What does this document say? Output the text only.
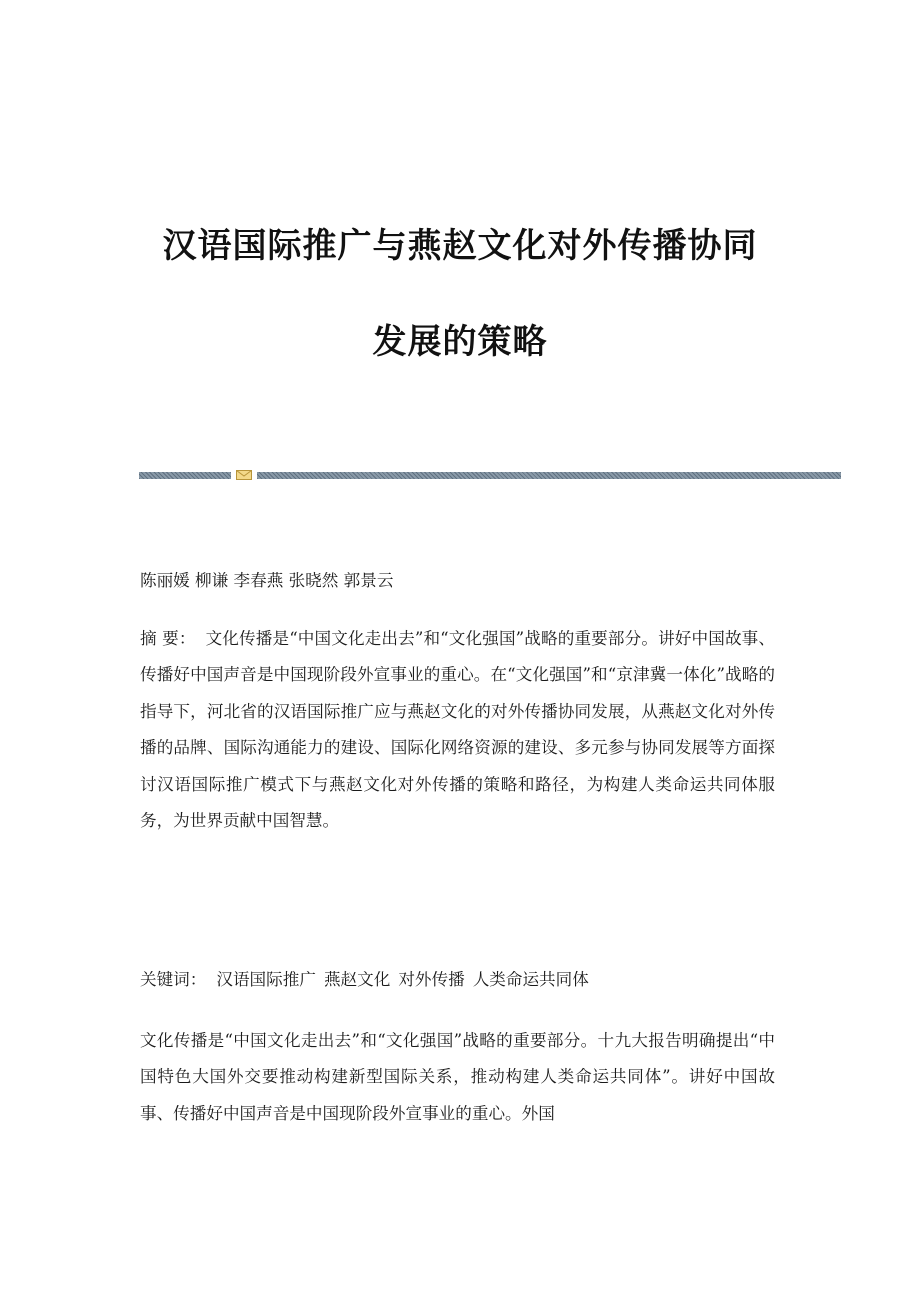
汉语国际推广与燕赵文化对外传播协同
发展的策略

陈丽媛 柳谦 李春燕 张晓然 郭景云

摘 要： 文化传播是“中国文化走出去”和“文化强国”战略的重要部分。讲好中国故事、传播好中国声音是中国现阶段外宣事业的重心。在“文化强国”和“京津冀一体化”战略的指导下，河北省的汉语国际推广应与燕赵文化的对外传播协同发展，从燕赵文化对外传播的品牌、国际沟通能力的建设、国际化网络资源的建设、多元参与协同发展等方面探讨汉语国际推广模式下与燕赵文化对外传播的策略和路径，为构建人类命运共同体服务，为世界贡献中国智慧。

关键词： 汉语国际推广 燕赵文化 对外传播 人类命运共同体

文化传播是“中国文化走出去”和“文化强国”战略的重要部分。十九大报告明确提出“中国特色大国外交要推动构建新型国际关系，推动构建人类命运共同体”。讲好中国故事、传播好中国声音是中国现阶段外宣事业的重心。外国
